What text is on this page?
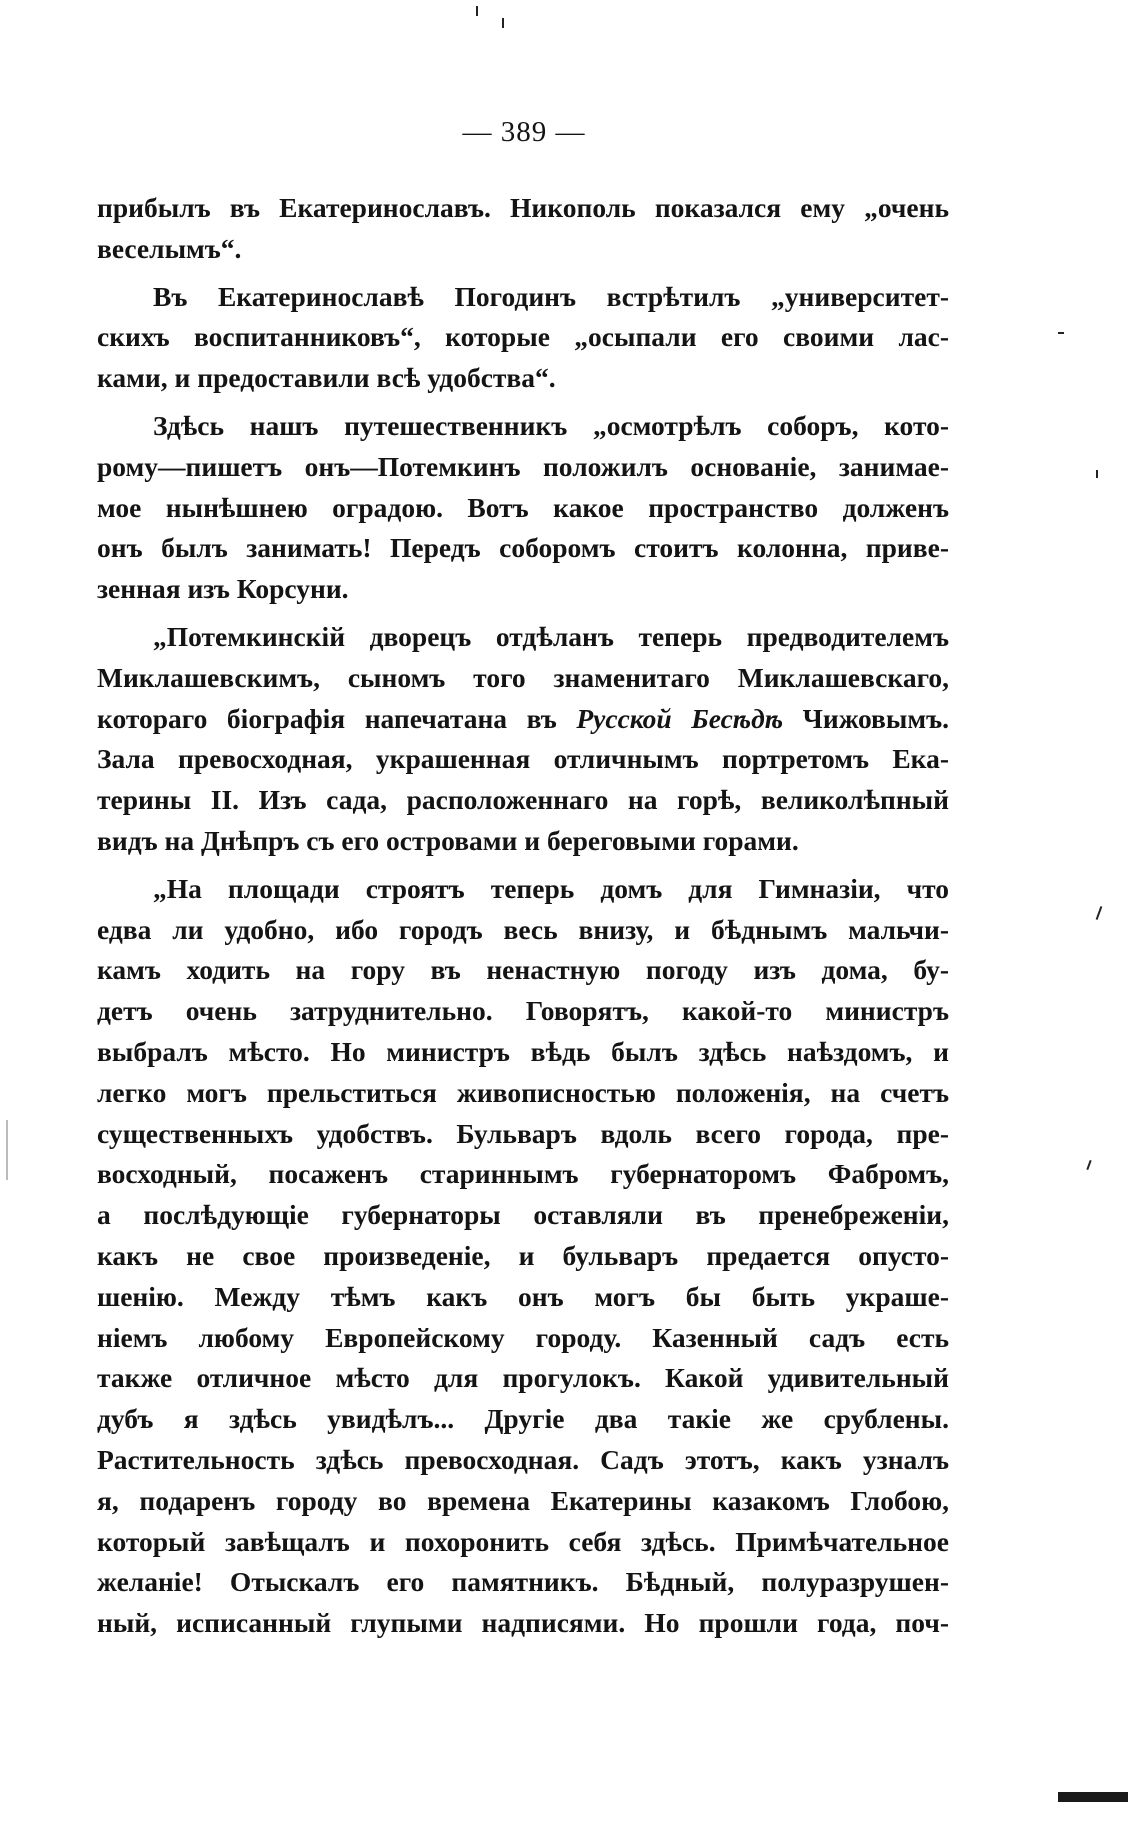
— 389 —
прибылъ въ Екатеринославъ. Никополь показался ему „очень
веселымъ“.
Въ Екатеринославѣ Погодинъ встрѣтилъ „университет-
скихъ воспитанниковъ“, которые „осыпали его своими лас-
ками, и предоставили всѣ удобства“.
Здѣсь нашъ путешественникъ „осмотрѣлъ соборъ, кото-
рому—пишетъ онъ—Потемкинъ положилъ основаніе, занимае-
мое нынѣшнею оградою. Вотъ какое пространство долженъ
онъ былъ занимать! Передъ соборомъ стоитъ колонна, приве-
зенная изъ Корсуни.
„Потемкинскій дворецъ отдѣланъ теперь предводителемъ
Миклашевскимъ, сыномъ того знаменитаго Миклашевскаго,
котораго біографія напечатана въ Русской Бесѣдѣ Чижовымъ.
Зала превосходная, украшенная отличнымъ портретомъ Ека-
терины II. Изъ сада, расположеннаго на горѣ, великолѣпный
видъ на Днѣпръ съ его островами и береговыми горами.
„На площади строятъ теперь домъ для Гимназіи, что
едва ли удобно, ибо городъ весь внизу, и бѣднымъ мальчи-
камъ ходить на гору въ ненастную погоду изъ дома, бу-
детъ очень затруднительно. Говорятъ, какой-то министръ
выбралъ мѣсто. Но министръ вѣдь былъ здѣсь наѣздомъ, и
легко могъ прельститься живописностью положенія, на счетъ
существенныхъ удобствъ. Бульваръ вдоль всего города, пре-
восходный, посаженъ стариннымъ губернаторомъ Фабромъ,
а послѣдующіе губернаторы оставляли въ пренебреженіи,
какъ не свое произведеніе, и бульваръ предается опусто-
шенію. Между тѣмъ какъ онъ могъ бы быть украше-
ніемъ любому Европейскому городу. Казенный садъ есть
также отличное мѣсто для прогулокъ. Какой удивительный
дубъ я здѣсь увидѣлъ... Другіе два такіе же срублены.
Растительность здѣсь превосходная. Садъ этотъ, какъ узналъ
я, подаренъ городу во времена Екатерины казакомъ Глобою,
который завѣщалъ и похоронить себя здѣсь. Примѣчательное
желаніе! Отыскалъ его памятникъ. Бѣдный, полуразрушен-
ный, исписанный глупыми надписями. Но прошли года, поч-
